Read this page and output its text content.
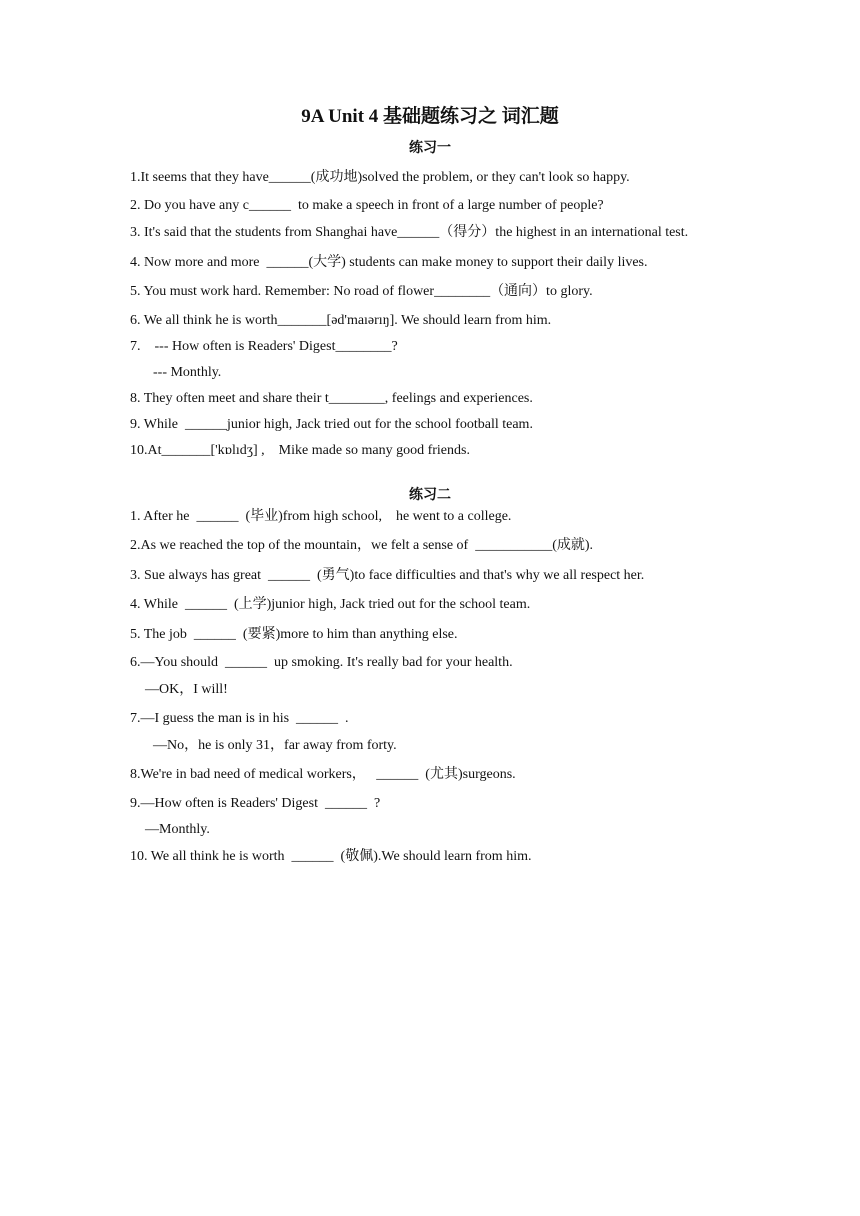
9A Unit 4 基础题练习之 词汇题
练习一
1.It seems that they have______(成功地)solved the problem, or they can't look so happy.
2. Do you have any c______  to make a speech in front of a large number of people?
3. It's said that the students from Shanghai have______（得分）the highest in an international test.
4. Now more and more  ______(大学) students can make money to support their daily lives.
5. You must work hard. Remember: No road of flower________（通向）to glory.
6. We all think he is worth_______[əd'maıərıŋ]. We should learn from him.
7.    --- How often is Readers' Digest________?
--- Monthly.
8. They often meet and share their t________, feelings and experiences.
9. While  ______junior high, Jack tried out for the school football team.
10.At_______['kɒlıdʒ] ,    Mike made so many good friends.
练习二
1. After he  ______  (毕业)from high school,    he went to a college.
2.As we reached the top of the mountain，we felt a sense of  ___________(成就).
3. Sue always has great  ______  (勇气)to face difficulties and that's why we all respect her.
4. While  ______  (上学)junior high, Jack tried out for the school team.
5. The job  ______  (要紧)more to him than anything else.
6.—You should  ______  up smoking. It's really bad for your health.
—OK，I will!
7.—I guess the man is in his  ______  .
—No，he is only 31，far away from forty.
8.We're in bad need of medical workers，   ______  (尤其)surgeons.
9.—How often is Readers' Digest  ______  ?
—Monthly.
10. We all think he is worth  ______  (敬佩).We should learn from him.
